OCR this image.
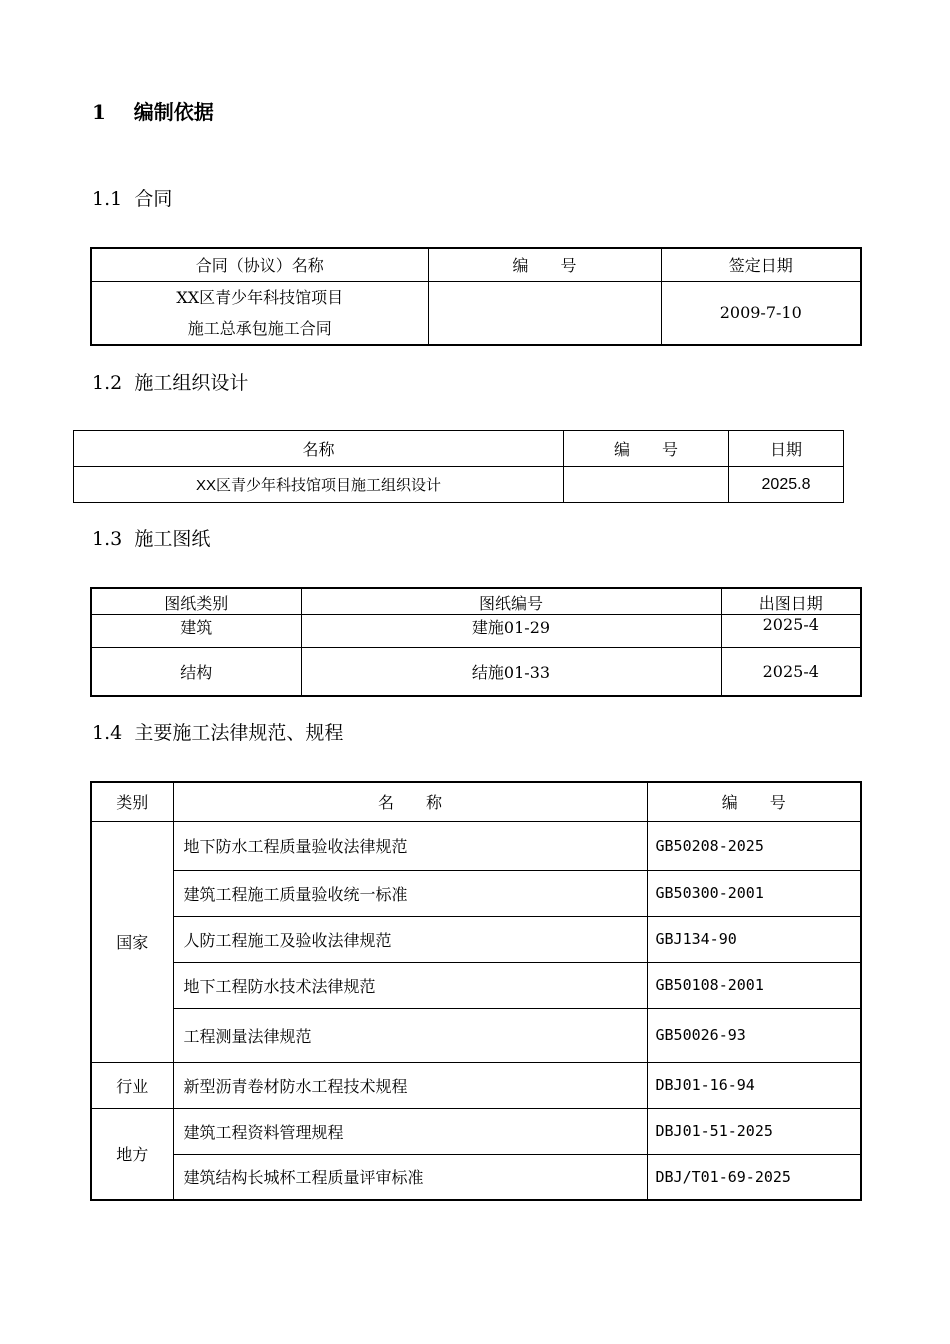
1 编制依据
1.1 合同
合同（协议）名称	编　　号	签定日期

XX区青少年科技馆项目
施工总承包施工合同		2009-7-10
1.2 施工组织设计
名称	编　　号	日期
XX区青少年科技馆项目施工组织设计		2025.8
1.3 施工图纸
图纸类别	图纸编号	出图日期
建筑	建施01-29	2025-4
结构	结施01-33	2025-4
1.4 主要施工法律规范、规程
类别	名　　称	编　　号
国家	地下防水工程质量验收法律规范	GB50208-2025
	建筑工程施工质量验收统一标准	GB50300-2001
	人防工程施工及验收法律规范	GBJ134-90
	地下工程防水技术法律规范	GB50108-2001
	工程测量法律规范	GB50026-93
行业	新型沥青卷材防水工程技术规程	DBJ01-16-94
地方	建筑工程资料管理规程	DBJ01-51-2025
	建筑结构长城杯工程质量评审标准	DBJ/T01-69-2025
